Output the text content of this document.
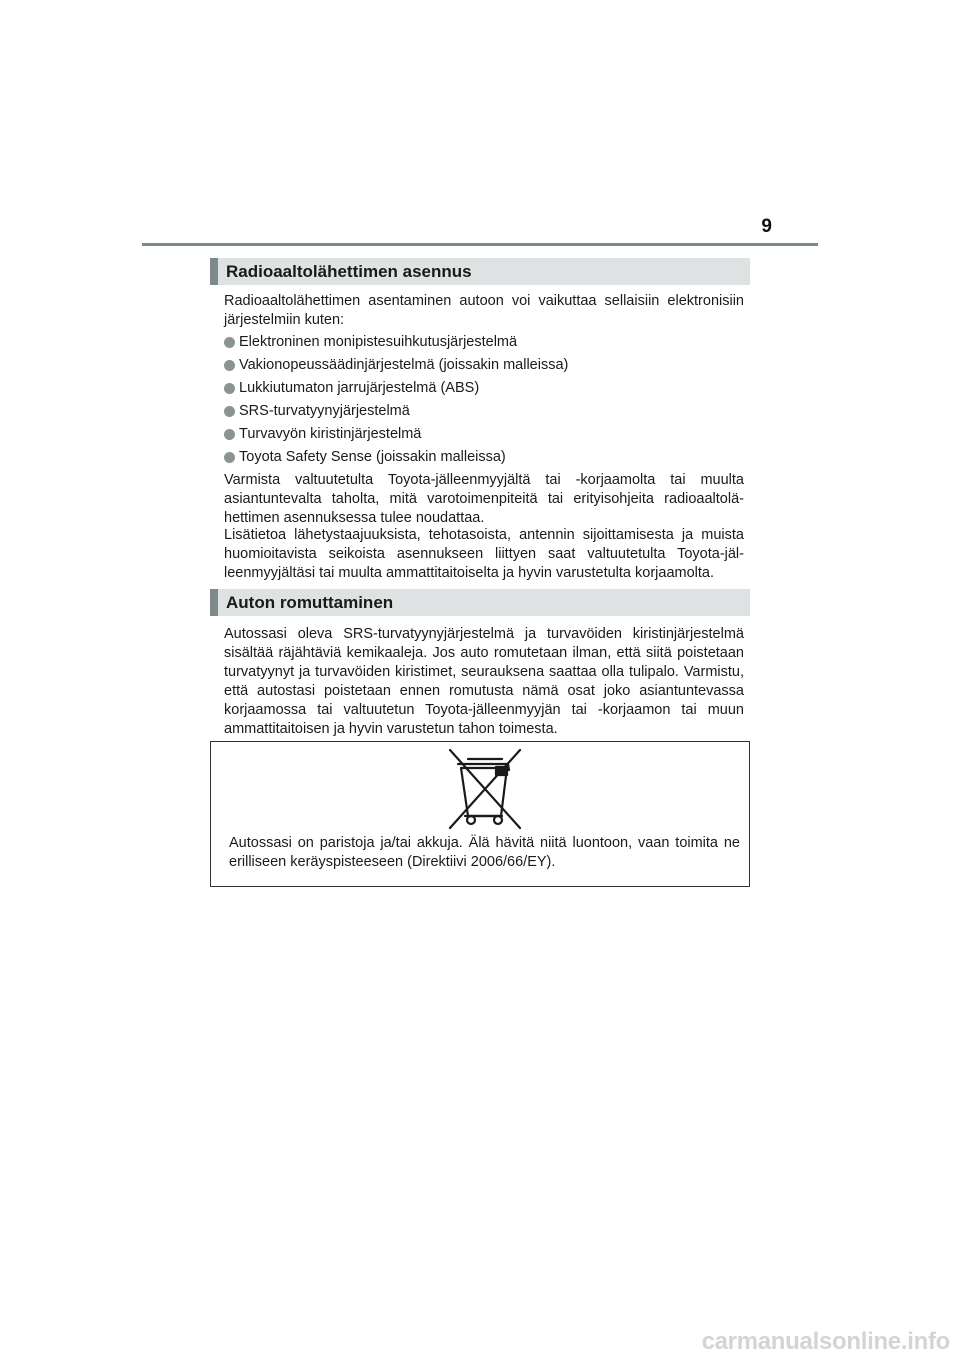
9
Radioaaltolähettimen asennus

Radioaaltolähettimen asentaminen autoon voi vaikuttaa sellaisiin elektronisiin järjestelmiin kuten:

Elektroninen monipistesuihkutusjärjestelmä
Vakionopeussäädinjärjestelmä (joissakin malleissa)
Lukkiutumaton jarrujärjestelmä (ABS)
SRS-turvatyynyjärjestelmä
Turvavyön kiristinjärjestelmä
Toyota Safety Sense (joissakin malleissa)

Varmista valtuutetulta Toyota-jälleenmyyjältä tai -korjaamolta tai muulta asiantuntevalta taholta, mitä varotoimenpiteitä tai erityisohjeita radioaaltolähettimen asennuksessa tulee noudattaa.

Lisätietoa lähetystaajuuksista, tehotasoista, antennin sijoittamisesta ja muista huomioitavista seikoista asennukseen liittyen saat valtuutetulta Toyota-jälleenmyyjältäsi tai muulta ammattitaitoiselta ja hyvin varustetulta korjaamolta.

Auton romuttaminen

Autossasi oleva SRS-turvatyynyjärjestelmä ja turvavöiden kiristinjärjestelmä sisältää räjähtäviä kemikaaleja. Jos auto romutetaan ilman, että siitä poistetaan turvatyynyt ja turvavöiden kiristimet, seurauksena saattaa olla tulipalo. Varmistu, että autostasi poistetaan ennen romutusta nämä osat joko asiantuntevassa korjaamossa tai valtuutetun Toyota-jälleenmyyjän tai -korjaamon tai muun ammattitaitoisen ja hyvin varustetun tahon toimesta.

Autossasi on paristoja ja/tai akkuja. Älä hävitä niitä luontoon, vaan toimita ne erilliseen keräyspisteeseen (Direktiivi 2006/66/EY).

carmanualsonline.info
